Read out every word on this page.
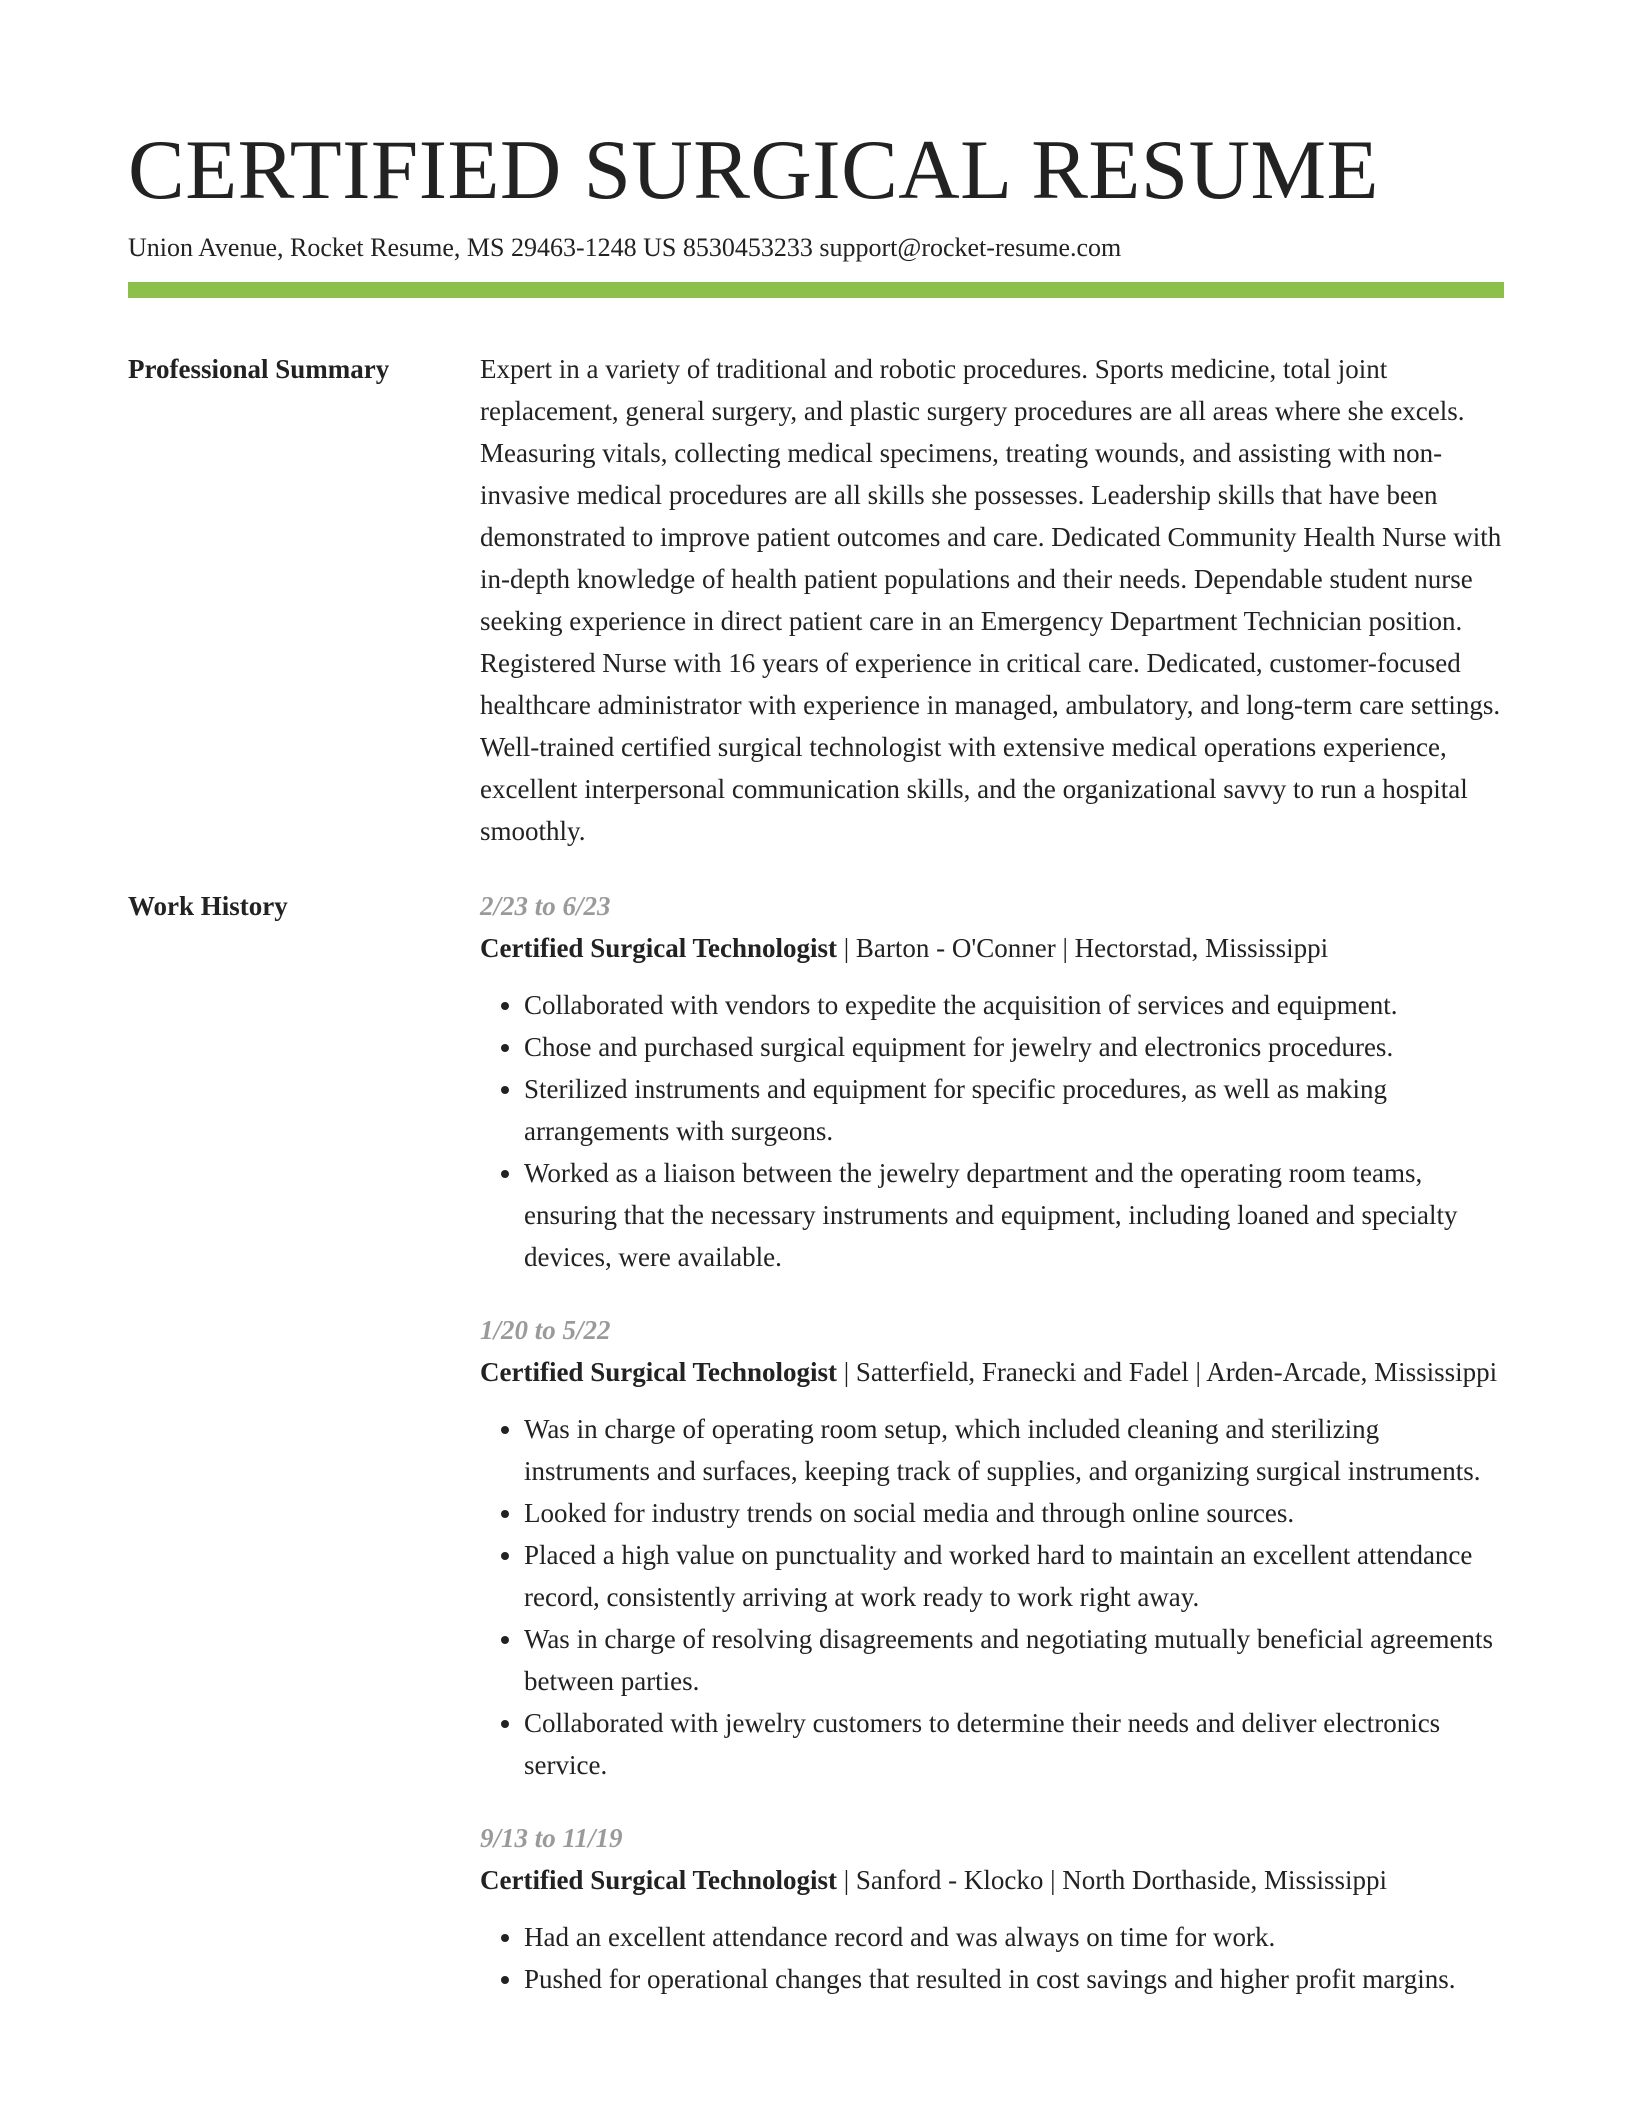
CERTIFIED SURGICAL RESUME
Union Avenue, Rocket Resume, MS 29463-1248 US 8530453233 support@rocket-resume.com
Professional Summary	Expert in a variety of traditional and robotic procedures. Sports medicine, total joint replacement, general surgery, and plastic surgery procedures are all areas where she excels. Measuring vitals, collecting medical specimens, treating wounds, and assisting with non-invasive medical procedures are all skills she possesses. Leadership skills that have been demonstrated to improve patient outcomes and care. Dedicated Community Health Nurse with in-depth knowledge of health patient populations and their needs. Dependable student nurse seeking experience in direct patient care in an Emergency Department Technician position. Registered Nurse with 16 years of experience in critical care. Dedicated, customer-focused healthcare administrator with experience in managed, ambulatory, and long-term care settings. Well-trained certified surgical technologist with extensive medical operations experience, excellent interpersonal communication skills, and the organizational savvy to run a hospital smoothly.

Work History	2/23 to 6/23
Certified Surgical Technologist | Barton - O'Conner | Hectorstad, Mississippi
• Collaborated with vendors to expedite the acquisition of services and equipment.
• Chose and purchased surgical equipment for jewelry and electronics procedures.
• Sterilized instruments and equipment for specific procedures, as well as making arrangements with surgeons.
• Worked as a liaison between the jewelry department and the operating room teams, ensuring that the necessary instruments and equipment, including loaned and specialty devices, were available.
1/20 to 5/22
Certified Surgical Technologist | Satterfield, Franecki and Fadel | Arden-Arcade, Mississippi
• Was in charge of operating room setup, which included cleaning and sterilizing instruments and surfaces, keeping track of supplies, and organizing surgical instruments.
• Looked for industry trends on social media and through online sources.
• Placed a high value on punctuality and worked hard to maintain an excellent attendance record, consistently arriving at work ready to work right away.
• Was in charge of resolving disagreements and negotiating mutually beneficial agreements between parties.
• Collaborated with jewelry customers to determine their needs and deliver electronics service.
9/13 to 11/19
Certified Surgical Technologist | Sanford - Klocko | North Dorthaside, Mississippi
• Had an excellent attendance record and was always on time for work.
• Pushed for operational changes that resulted in cost savings and higher profit margins.
